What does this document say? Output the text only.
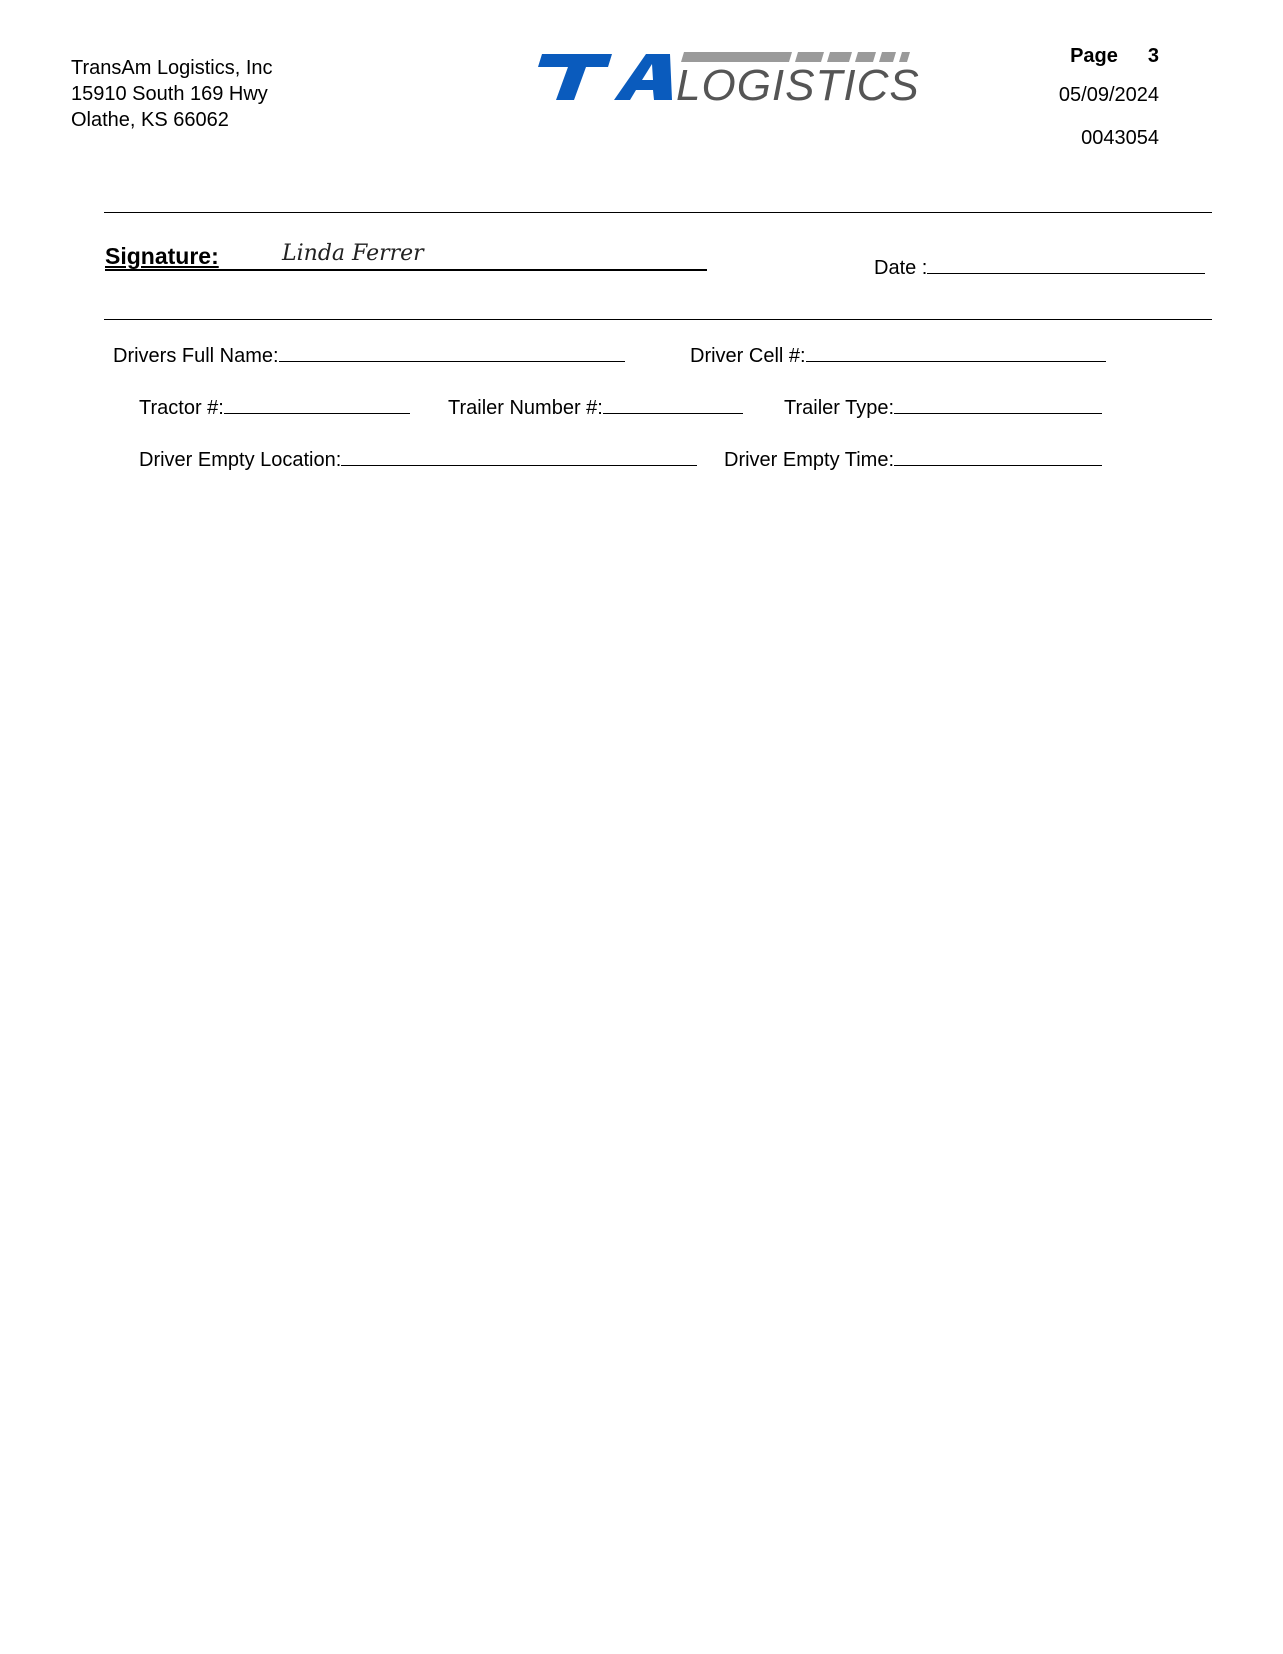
TransAm Logistics, Inc
15910 South 169 Hwy
Olathe, KS 66062
LOGISTICS
Page 3
05/09/2024
0043054
Signature:	Linda Ferrer
Date :
Drivers Full Name:	Driver Cell #:
Tractor #:	Trailer Number #:	Trailer Type:
Driver Empty Location:	Driver Empty Time:
